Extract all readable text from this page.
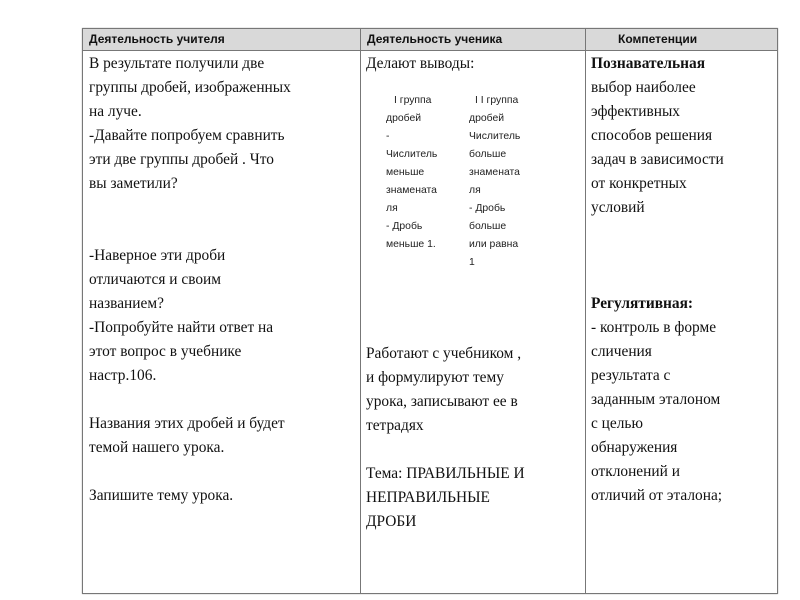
Деятельность учителя	Деятельность ученика	Компетенции

В результате получили две

группы дробей, изображенных

на луче.

-Давайте попробуем сравнить

эти две группы дробей . Что

вы заметили?

-Наверное эти дроби

отличаются и своим

названием?

-Попробуйте найти ответ на

этот вопрос в учебнике

настр.106.

Названия этих дробей и будет

темой нашего урока.

Запишите тему урока.

Делают выводы:

I группа
дробей
-
Числитель
меньше
знамената
ля
- Дробь
меньше 1.
I I группа
дробей
Числитель
больше
знамената
ля
- Дробь
больше
или равна
1

Работают с учебником ,

и формулируют тему

урока, записывают ее в

тетрадях

Тема: ПРАВИЛЬНЫЕ И

НЕПРАВИЛЬНЫЕ

ДРОБИ

Познавательная

выбор наиболее

эффективных

способов решения

задач в зависимости

от конкретных

условий

Регулятивная:

- контроль в форме

сличения

результата с

заданным эталоном

с целью

обнаружения

отклонений и

отличий от эталона;
